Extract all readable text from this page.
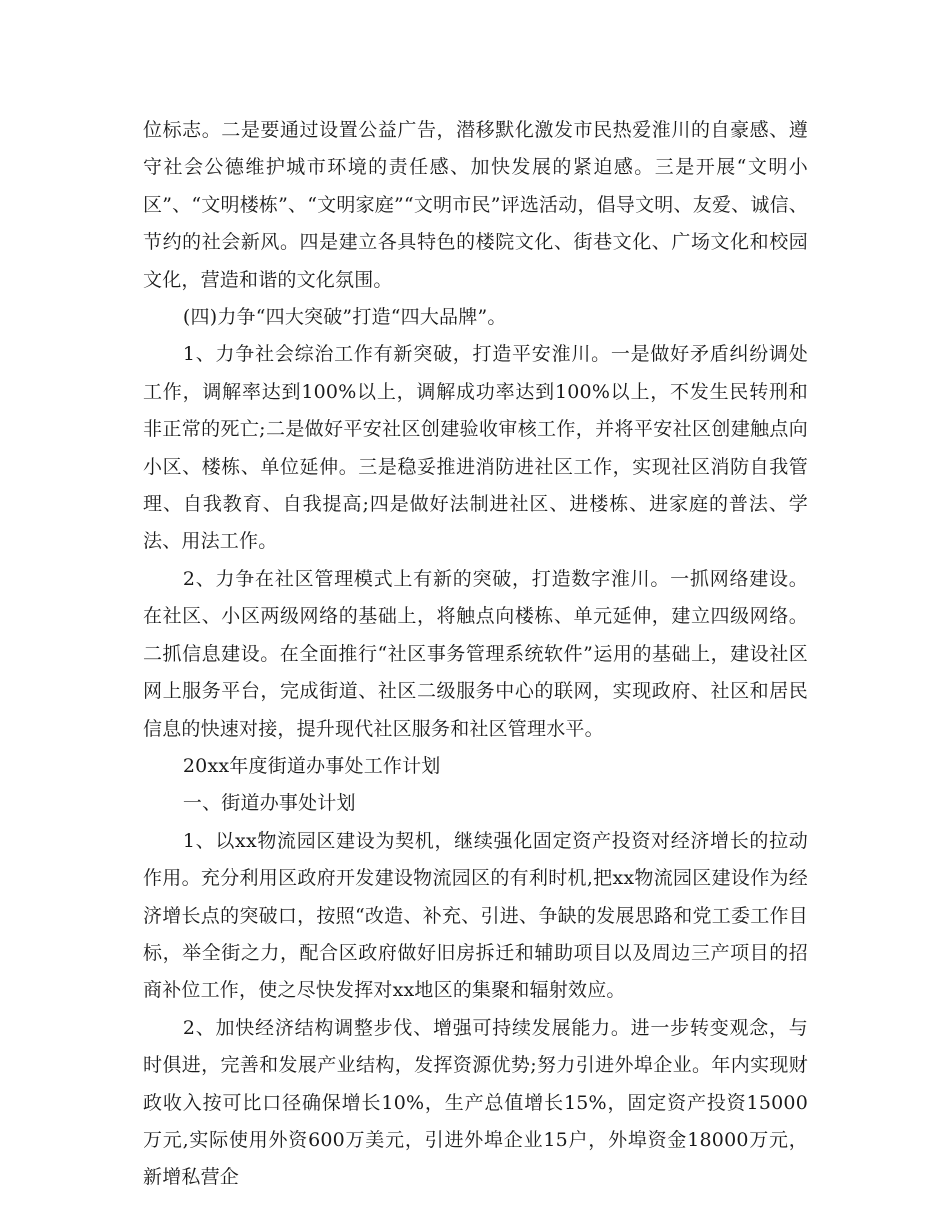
位标志。二是要通过设置公益广告，潜移默化激发市民热爱淮川的自豪感、遵守社会公德维护城市环境的责任感、加快发展的紧迫感。三是开展“文明小区”、“文明楼栋”、“文明家庭”“文明市民”评选活动，倡导文明、友爱、诚信、节约的社会新风。四是建立各具特色的楼院文化、街巷文化、广场文化和校园文化，营造和谐的文化氛围。

(四)力争“四大突破”打造“四大品牌”。

1、力争社会综治工作有新突破，打造平安淮川。一是做好矛盾纠纷调处工作，调解率达到100%以上，调解成功率达到100%以上，不发生民转刑和非正常的死亡;二是做好平安社区创建验收审核工作，并将平安社区创建触点向小区、楼栋、单位延伸。三是稳妥推进消防进社区工作，实现社区消防自我管理、自我教育、自我提高;四是做好法制进社区、进楼栋、进家庭的普法、学法、用法工作。

2、力争在社区管理模式上有新的突破，打造数字淮川。一抓网络建设。在社区、小区两级网络的基础上，将触点向楼栋、单元延伸，建立四级网络。二抓信息建设。在全面推行“社区事务管理系统软件”运用的基础上，建设社区网上服务平台，完成街道、社区二级服务中心的联网，实现政府、社区和居民信息的快速对接，提升现代社区服务和社区管理水平。

20xx年度街道办事处工作计划

一、街道办事处计划

1、以xx物流园区建设为契机，继续强化固定资产投资对经济增长的拉动作用。充分利用区政府开发建设物流园区的有利时机,把xx物流园区建设作为经济增长点的突破口，按照“改造、补充、引进、争缺的发展思路和党工委工作目标，举全街之力，配合区政府做好旧房拆迁和辅助项目以及周边三产项目的招商补位工作，使之尽快发挥对xx地区的集聚和辐射效应。

2、加快经济结构调整步伐、增强可持续发展能力。进一步转变观念，与时俱进，完善和发展产业结构，发挥资源优势;努力引进外埠企业。年内实现财政收入按可比口径确保增长10%，生产总值增长15%，固定资产投资15000万元,实际使用外资600万美元，引进外埠企业15户，外埠资金18000万元，新增私营企
